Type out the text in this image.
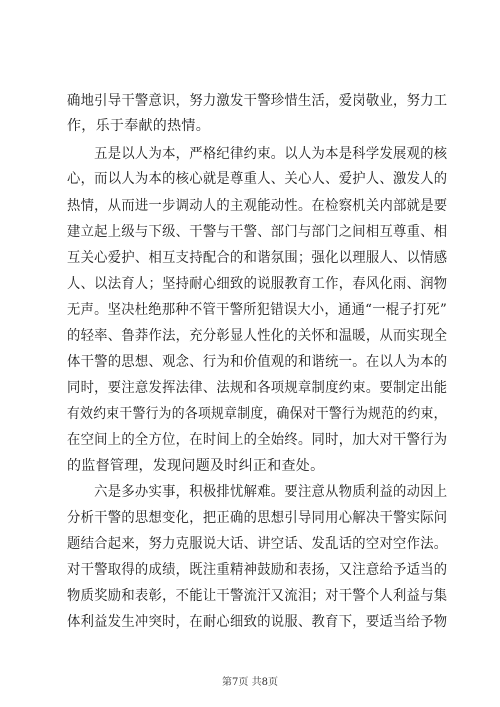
确地引导干警意识，努力激发干警珍惜生活，爱岗敬业，努力工
作，乐于奉献的热情。
　　五是以人为本，严格纪律约束。以人为本是科学发展观的核
心，而以人为本的核心就是尊重人、关心人、爱护人、激发人的
热情，从而进一步调动人的主观能动性。在检察机关内部就是要
建立起上级与下级、干警与干警、部门与部门之间相互尊重、相
互关心爱护、相互支持配合的和谐氛围；强化以理服人、以情感
人、以法育人；坚持耐心细致的说服教育工作，春风化雨、润物
无声。坚决杜绝那种不管干警所犯错误大小，通通“一棍子打死”
的轻率、鲁莽作法，充分彰显人性化的关怀和温暖，从而实现全
体干警的思想、观念、行为和价值观的和谐统一。在以人为本的
同时，要注意发挥法律、法规和各项规章制度约束。要制定出能
有效约束干警行为的各项规章制度，确保对干警行为规范的约束，
在空间上的全方位，在时间上的全始终。同时，加大对干警行为
的监督管理，发现问题及时纠正和查处。
　　六是多办实事，积极排忧解难。要注意从物质利益的动因上
分析干警的思想变化，把正确的思想引导同用心解决干警实际问
题结合起来，努力克服说大话、讲空话、发乱话的空对空作法。
对干警取得的成绩，既注重精神鼓励和表扬，又注意给予适当的
物质奖励和表彰，不能让干警流汗又流泪；对干警个人利益与集
体利益发生冲突时，在耐心细致的说服、教育下，要适当给予物
第7页 共8页
